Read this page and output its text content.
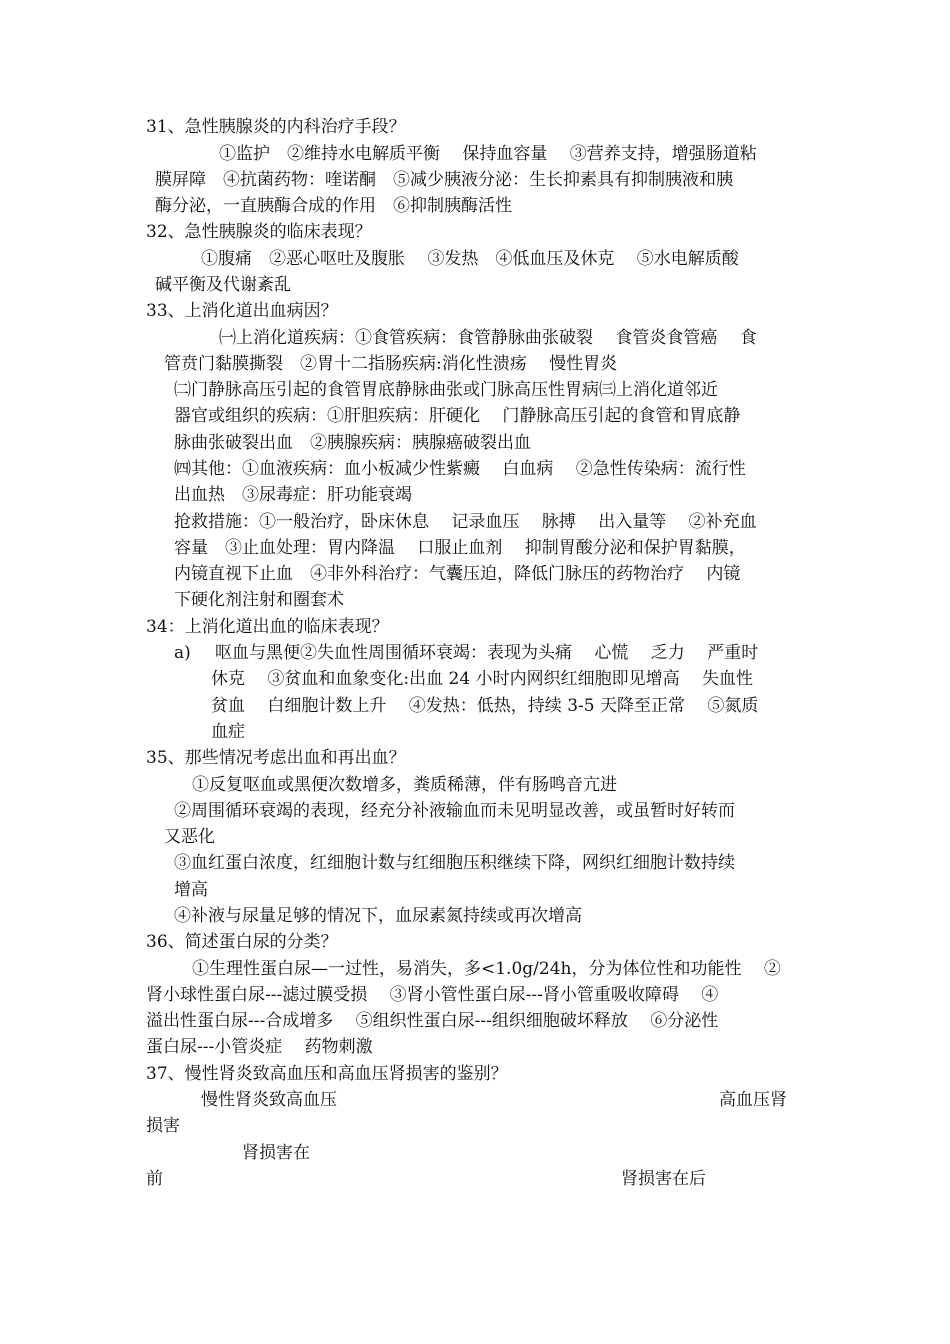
31、急性胰腺炎的内科治疗手段？
①监护　②维持水电解质平衡　 保持血容量　 ③营养支持，增强肠道粘
膜屏障　④抗菌药物：喹诺酮　⑤减少胰液分泌：生长抑素具有抑制胰液和胰
酶分泌，一直胰酶合成的作用　⑥抑制胰酶活性
32、急性胰腺炎的临床表现？
①腹痛　②恶心呕吐及腹胀　 ③发热　④低血压及休克　 ⑤水电解质酸
碱平衡及代谢紊乱
33、上消化道出血病因？
㈠上消化道疾病：①食管疾病：食管静脉曲张破裂　 食管炎食管癌　 食
管贲门黏膜撕裂　②胃十二指肠疾病:消化性溃疡　 慢性胃炎
㈡门静脉高压引起的食管胃底静脉曲张或门脉高压性胃病㈢上消化道邻近
器官或组织的疾病：①肝胆疾病：肝硬化　 门静脉高压引起的食管和胃底静
脉曲张破裂出血　②胰腺疾病：胰腺癌破裂出血
㈣其他：①血液疾病：血小板减少性紫癜　 白血病　 ②急性传染病：流行性
出血热　③尿毒症：肝功能衰竭
抢救措施：①一般治疗，卧床休息　 记录血压　 脉搏　 出入量等　 ②补充血
容量　③止血处理：胃内降温　 口服止血剂　 抑制胃酸分泌和保护胃黏膜，
内镜直视下止血　④非外科治疗：气囊压迫，降低门脉压的药物治疗　 内镜
下硬化剂注射和圈套术
34：上消化道出血的临床表现？
a) 呕血与黑便②失血性周围循环衰竭：表现为头痛　 心慌　 乏力　 严重时
休克　 ③贫血和血象变化:出血 24 小时内网织红细胞即见增高　 失血性
贫血　 白细胞计数上升　 ④发热：低热，持续 3-5 天降至正常　 ⑤氮质
血症
35、那些情况考虑出血和再出血？
①反复呕血或黑便次数增多，粪质稀薄，伴有肠鸣音亢进
②周围循环衰竭的表现，经充分补液输血而未见明显改善，或虽暂时好转而
又恶化
③血红蛋白浓度，红细胞计数与红细胞压积继续下降，网织红细胞计数持续
增高
④补液与尿量足够的情况下，血尿素氮持续或再次增高
36、简述蛋白尿的分类？
①生理性蛋白尿—一过性，易消失，多<1.0g/24h，分为体位性和功能性　 ②
肾小球性蛋白尿---滤过膜受损　 ③肾小管性蛋白尿---肾小管重吸收障碍　 ④
溢出性蛋白尿---合成增多　 ⑤组织性蛋白尿---组织细胞破坏释放　 ⑥分泌性
蛋白尿---小管炎症　 药物刺激
37、慢性肾炎致高血压和高血压肾损害的鉴别？
慢性肾炎致高血压	高血压肾
损害
肾损害在
前	肾损害在后
